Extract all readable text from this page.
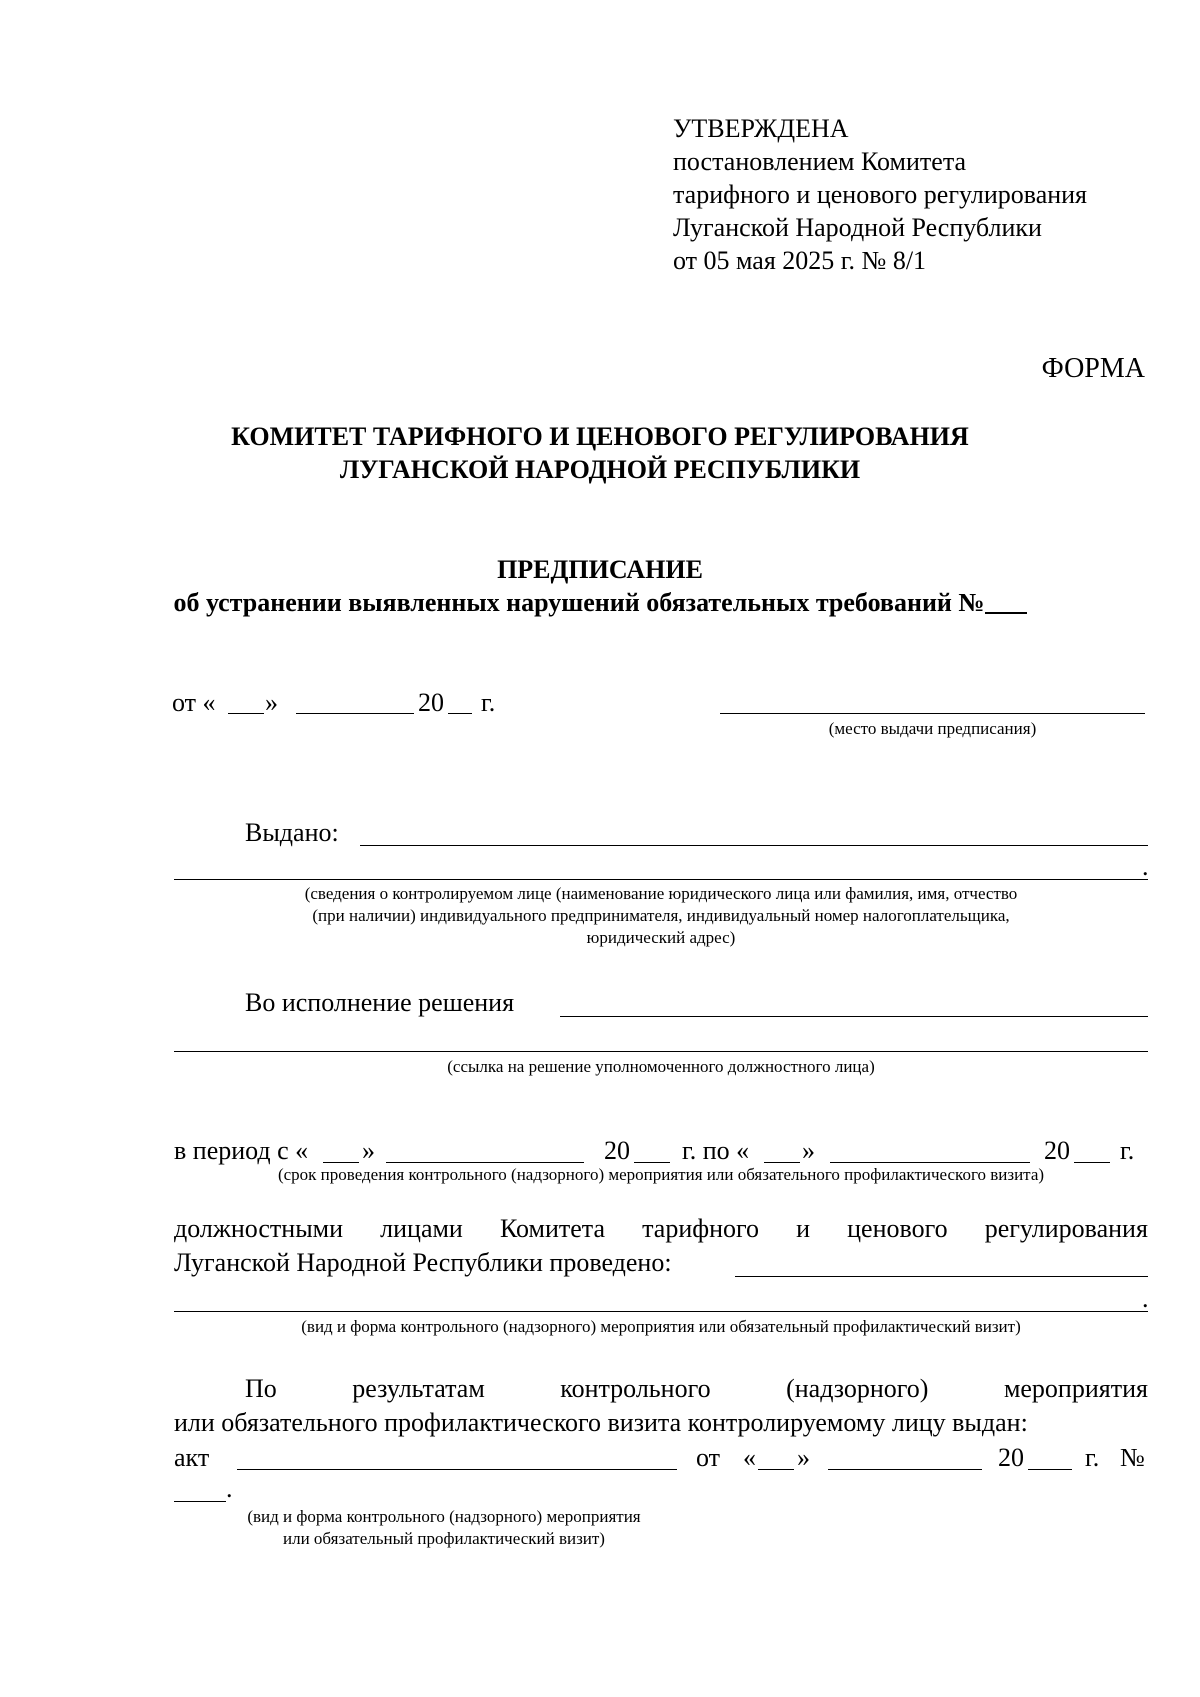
УТВЕРЖДЕНА
постановлением Комитета
тарифного и ценового регулирования
Луганской Народной Республики
от 05 мая 2025 г. № 8/1
ФОРМА
КОМИТЕТ ТАРИФНОГО И ЦЕНОВОГО РЕГУЛИРОВАНИЯ
ЛУГАНСКОЙ НАРОДНОЙ РЕСПУБЛИКИ
ПРЕДПИСАНИЕ
об устранении выявленных нарушений обязательных требований №
от « »	20 г.
(место выдачи предписания)
Выдано:
.
(сведения о контролируемом лице (наименование юридического лица или фамилия, имя, отчество
(при наличии) индивидуального предпринимателя, индивидуальный номер налогоплательщика,
юридический адрес)
Во исполнение решения
(ссылка на решение уполномоченного должностного лица)
в период с « »	20 г. по « »	20 г.
(срок проведения контрольного (надзорного) мероприятия или обязательного профилактического визита)
должностными лицами Комитета тарифного и ценового регулирования
Луганской Народной Республики проведено:
.
(вид и форма контрольного (надзорного) мероприятия или обязательный профилактический визит)
По	результатам	контрольного	(надзорного)	мероприятия
или обязательного профилактического визита контролируемому лицу выдан:
акт	от « »	20 г. №
.
(вид и форма контрольного (надзорного) мероприятия
или обязательный профилактический визит)
